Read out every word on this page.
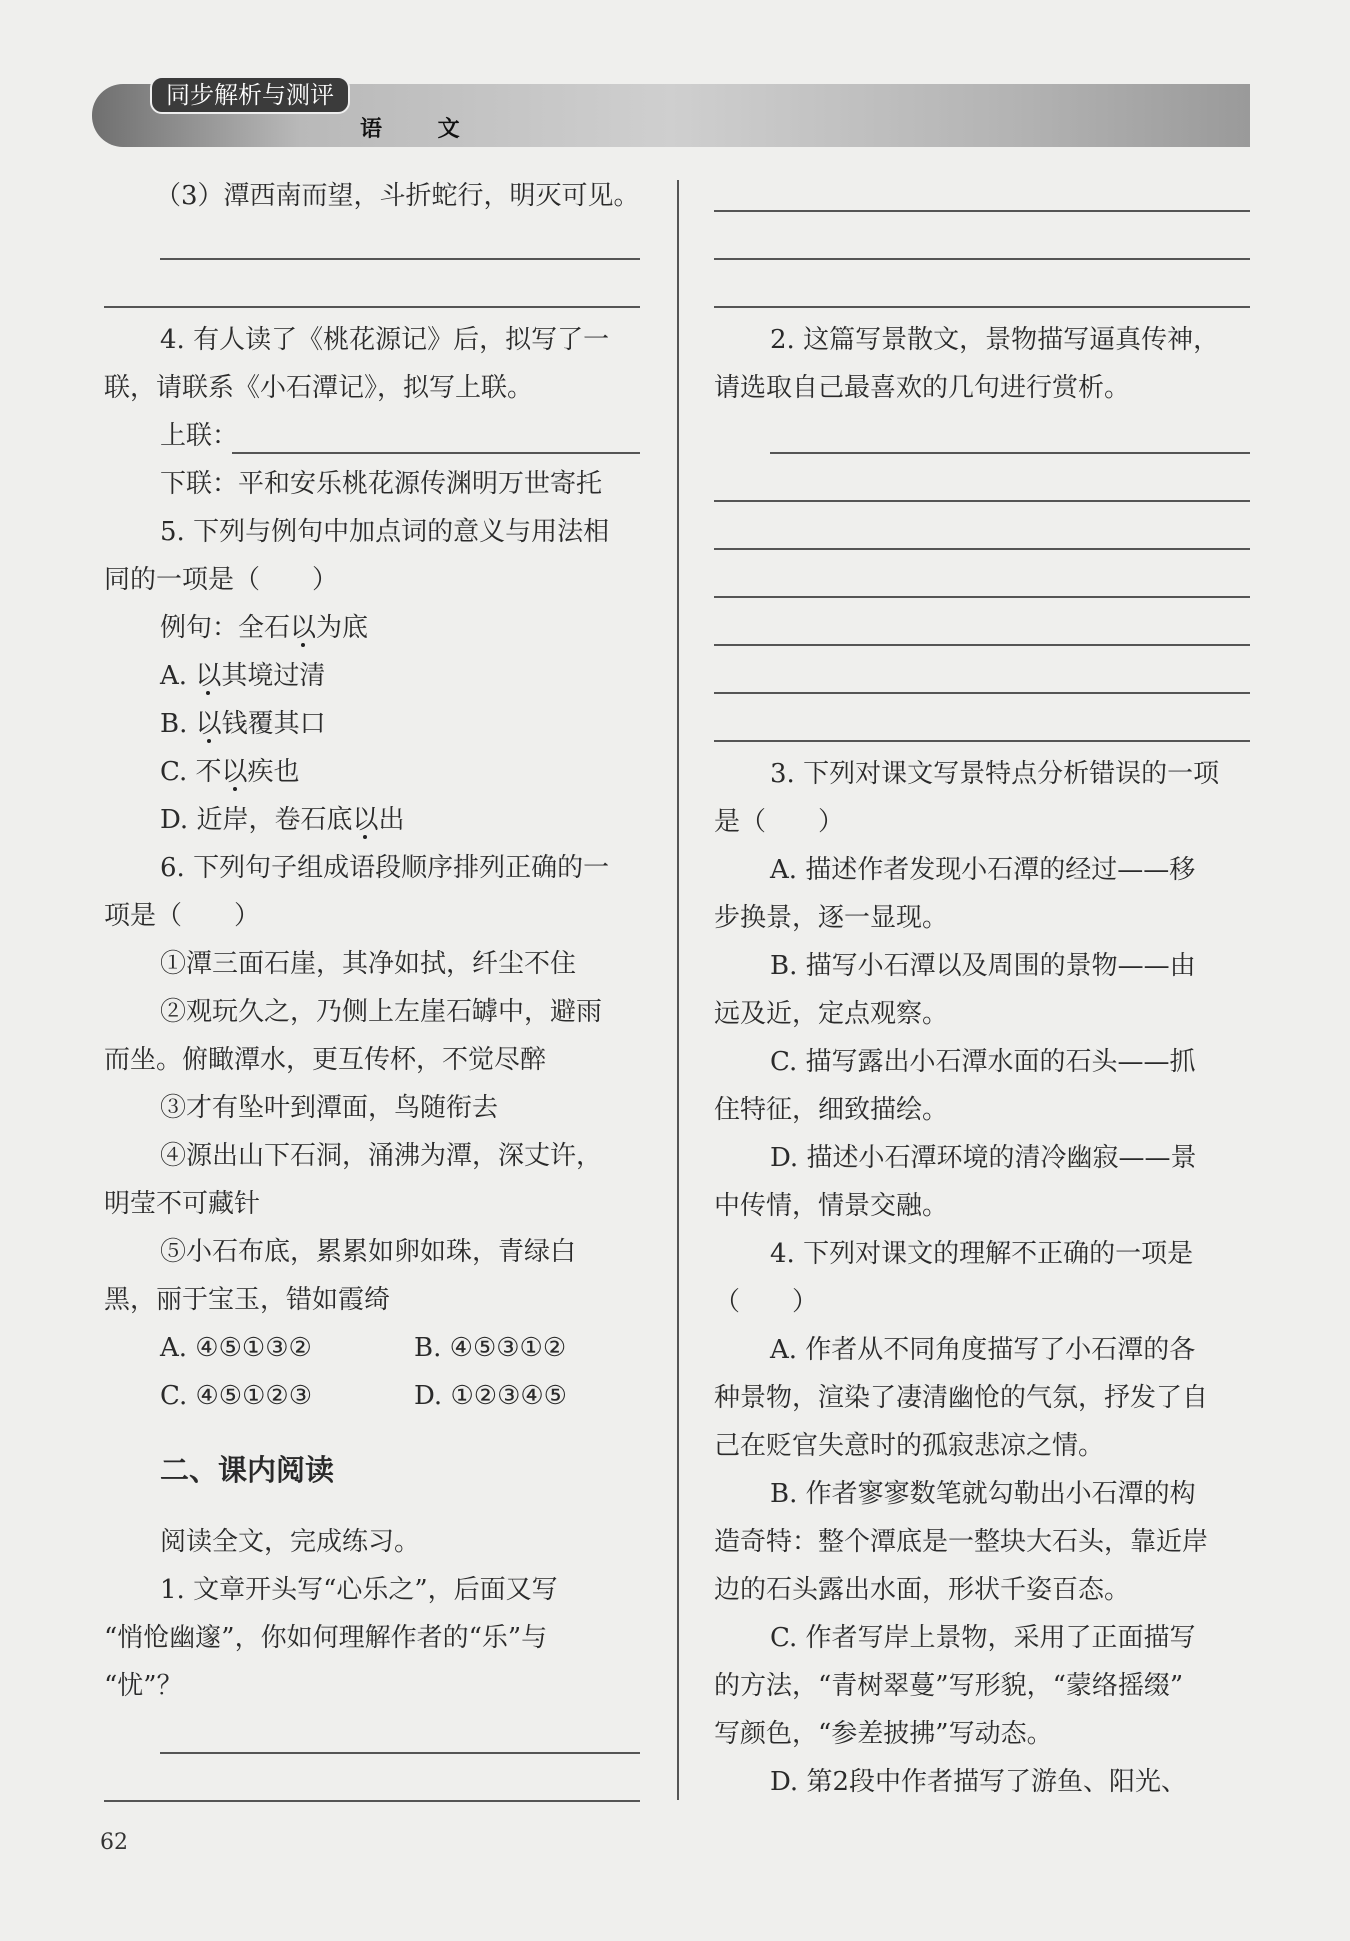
同步解析与测评
语 文
（3）潭西南而望，斗折蛇行，明灭可见。
4. 有人读了《桃花源记》后，拟写了一
联，请联系《小石潭记》，拟写上联。
上联：
下联：平和安乐桃花源传渊明万世寄托
5. 下列与例句中加点词的意义与用法相
同的一项是（　　）
例句：全石以为底
A. 以其境过清
B. 以钱覆其口
C. 不以疾也
D. 近岸，卷石底以出
6. 下列句子组成语段顺序排列正确的一
项是（　　）
①潭三面石崖，其净如拭，纤尘不住
②观玩久之，乃侧上左崖石罅中，避雨
而坐。俯瞰潭水，更互传杯，不觉尽醉
③才有坠叶到潭面，鸟随衔去
④源出山下石洞，涌沸为潭，深丈许，
明莹不可藏针
⑤小石布底，累累如卵如珠，青绿白
黑，丽于宝玉，错如霞绮
A. ④⑤①③②	B. ④⑤③①②
C. ④⑤①②③	D. ①②③④⑤
二、课内阅读
阅读全文，完成练习。
1. 文章开头写“心乐之”，后面又写
“悄怆幽邃”，你如何理解作者的“乐”与
“忧”？
2. 这篇写景散文，景物描写逼真传神，
请选取自己最喜欢的几句进行赏析。
3. 下列对课文写景特点分析错误的一项
是（　　）
A. 描述作者发现小石潭的经过——移
步换景，逐一显现。
B. 描写小石潭以及周围的景物——由
远及近，定点观察。
C. 描写露出小石潭水面的石头——抓
住特征，细致描绘。
D. 描述小石潭环境的清冷幽寂——景
中传情，情景交融。
4. 下列对课文的理解不正确的一项是
（　　）
A. 作者从不同角度描写了小石潭的各
种景物，渲染了凄清幽怆的气氛，抒发了自
己在贬官失意时的孤寂悲凉之情。
B. 作者寥寥数笔就勾勒出小石潭的构
造奇特：整个潭底是一整块大石头，靠近岸
边的石头露出水面，形状千姿百态。
C. 作者写岸上景物，采用了正面描写
的方法，“青树翠蔓”写形貌，“蒙络摇缀”
写颜色，“参差披拂”写动态。
D. 第2段中作者描写了游鱼、阳光、
62
